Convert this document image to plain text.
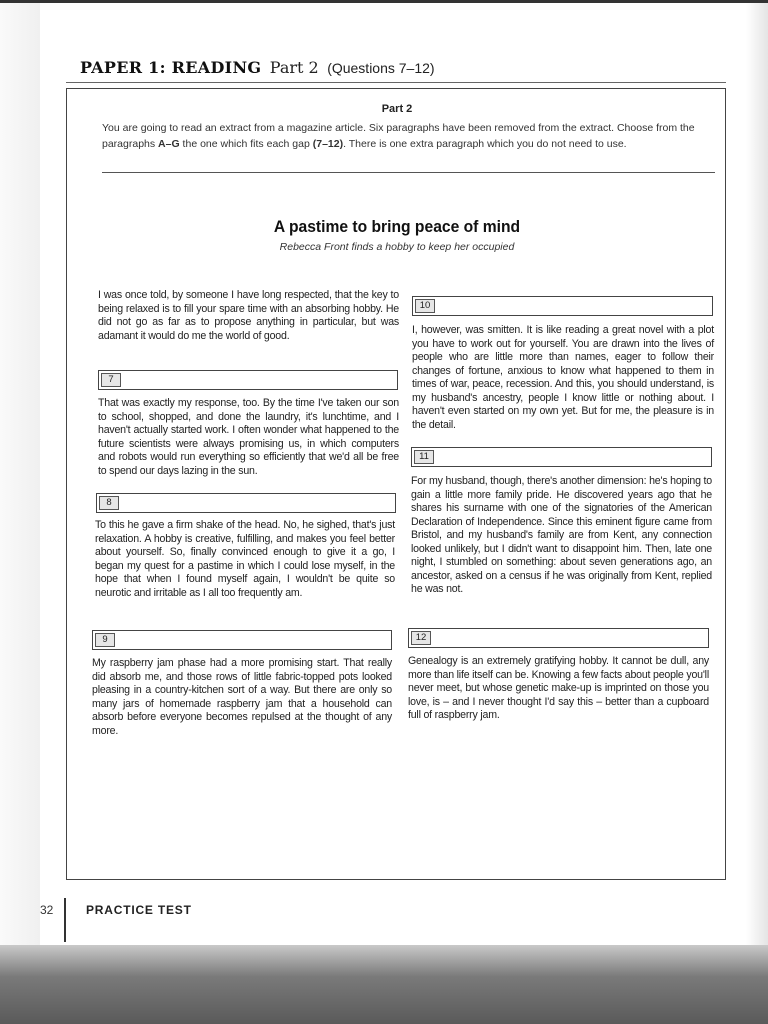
PAPER 1: READING Part 2 (Questions 7–12)
Part 2
You are going to read an extract from a magazine article. Six paragraphs have been removed from the extract. Choose from the paragraphs A–G the one which fits each gap (7–12). There is one extra paragraph which you do not need to use.
A pastime to bring peace of mind
Rebecca Front finds a hobby to keep her occupied
I was once told, by someone I have long respected, that the key to being relaxed is to fill your spare time with an absorbing hobby. He did not go as far as to propose anything in particular, but was adamant it would do me the world of good.
7
That was exactly my response, too. By the time I've taken our son to school, shopped, and done the laundry, it's lunchtime, and I haven't actually started work. I often wonder what happened to the future scientists were always promising us, in which computers and robots would run everything so efficiently that we'd all be free to spend our days lazing in the sun.
8
To this he gave a firm shake of the head. No, he sighed, that's just relaxation. A hobby is creative, fulfilling, and makes you feel better about yourself. So, finally convinced enough to give it a go, I began my quest for a pastime in which I could lose myself, in the hope that when I found myself again, I wouldn't be quite so neurotic and irritable as I all too frequently am.
9
My raspberry jam phase had a more promising start. That really did absorb me, and those rows of little fabric-topped pots looked pleasing in a country-kitchen sort of a way. But there are only so many jars of homemade raspberry jam that a household can absorb before everyone becomes repulsed at the thought of any more.
10
I, however, was smitten. It is like reading a great novel with a plot you have to work out for yourself. You are drawn into the lives of people who are little more than names, eager to follow their changes of fortune, anxious to know what happened to them in times of war, peace, recession. And this, you should understand, is my husband's ancestry, people I know little or nothing about. I haven't even started on my own yet. But for me, the pleasure is in the detail.
11
For my husband, though, there's another dimension: he's hoping to gain a little more family pride. He discovered years ago that he shares his surname with one of the signatories of the American Declaration of Independence. Since this eminent figure came from Bristol, and my husband's family are from Kent, any connection looked unlikely, but I didn't want to disappoint him. Then, late one night, I stumbled on something: about seven generations ago, an ancestor, asked on a census if he was originally from Kent, replied he was not.
12
Genealogy is an extremely gratifying hobby. It cannot be dull, any more than life itself can be. Knowing a few facts about people you'll never meet, but whose genetic make-up is imprinted on those you love, is – and I never thought I'd say this – better than a cupboard full of raspberry jam.
32	PRACTICE TEST
